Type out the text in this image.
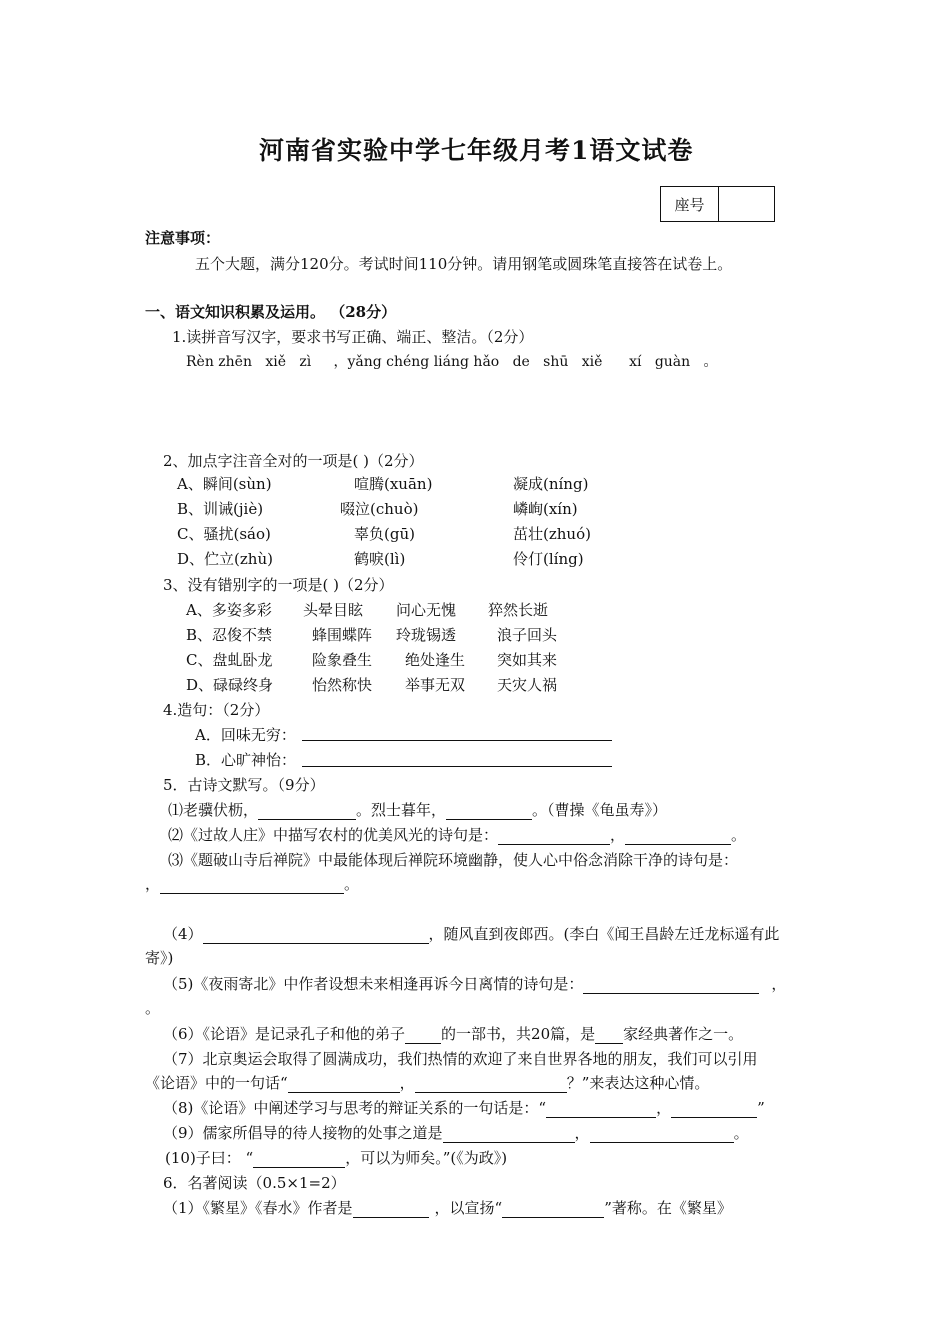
河南省实验中学七年级月考1语文试卷
座号
注意事项：
五个大题，满分120分。考试时间110分钟。请用钢笔或圆珠笔直接答在试卷上。
一、语文知识积累及运用。 （28分）
1.读拼音写汉字，要求书写正确、端正、整洁。（2分）
Rèn zhēn   xiě   zì     ，yǎng chéng liáng hǎo   de   shū   xiě      xí   guàn   。
2、加点字注音全对的一项是( )（2分）
A、瞬间(sùn)	喧腾(xuān)	凝成(níng)
B、训诫(jiè)	啜泣(chuò)	嶙峋(xín)
C、骚扰(sáo)	辜负(gū)	茁壮(zhuó)
D、伫立(zhù)	鹤唳(lì)	伶仃(líng)
3、没有错别字的一项是( )（2分）
A、多姿多彩 头晕目眩 问心无愧 猝然长逝
B、忍俊不禁	蜂围蝶阵 玲珑锡透	浪子回头
C、盘虬卧龙	险象叠生 绝处逢生 突如其来
D、碌碌终身	怡然称快 举事无双 天灾人祸
4.造句：（2分）
A．回味无穷：
B．心旷神怡：
5．古诗文默写。（9分）
⑴老骥伏枥，	。烈士暮年，	。（曹操《龟虽寿》）
⑵《过故人庄》中描写农村的优美风光的诗句是：	，	。
⑶《题破山寺后禅院》中最能体现后禅院环境幽静，使人心中俗念消除干净的诗句是：
，	。
（4）	，随风直到夜郎西。(李白《闻王昌龄左迁龙标遥有此
寄》)
（5)《夜雨寄北》中作者设想未来相逢再诉今日离情的诗句是：	，
。
（6）《论语》是记录孔子和他的弟子 的一部书，共20篇，是 家经典著作之一。
（7）北京奥运会取得了圆满成功，我们热情的欢迎了来自世界各地的朋友，我们可以引用
《论语》中的一句话“	，	？”来表达这种心情。
（8)《论语》中阐述学习与思考的辩证关系的一句话是：“	，	”
（9）儒家所倡导的待人接物的处事之道是	，	。
(10)子曰： “	，可以为师矣。”(《为政》)
6．名著阅读（0.5×1=2）
（1）《繁星》《春水》作者是	，以宣扬“	”著称。在《繁星》
